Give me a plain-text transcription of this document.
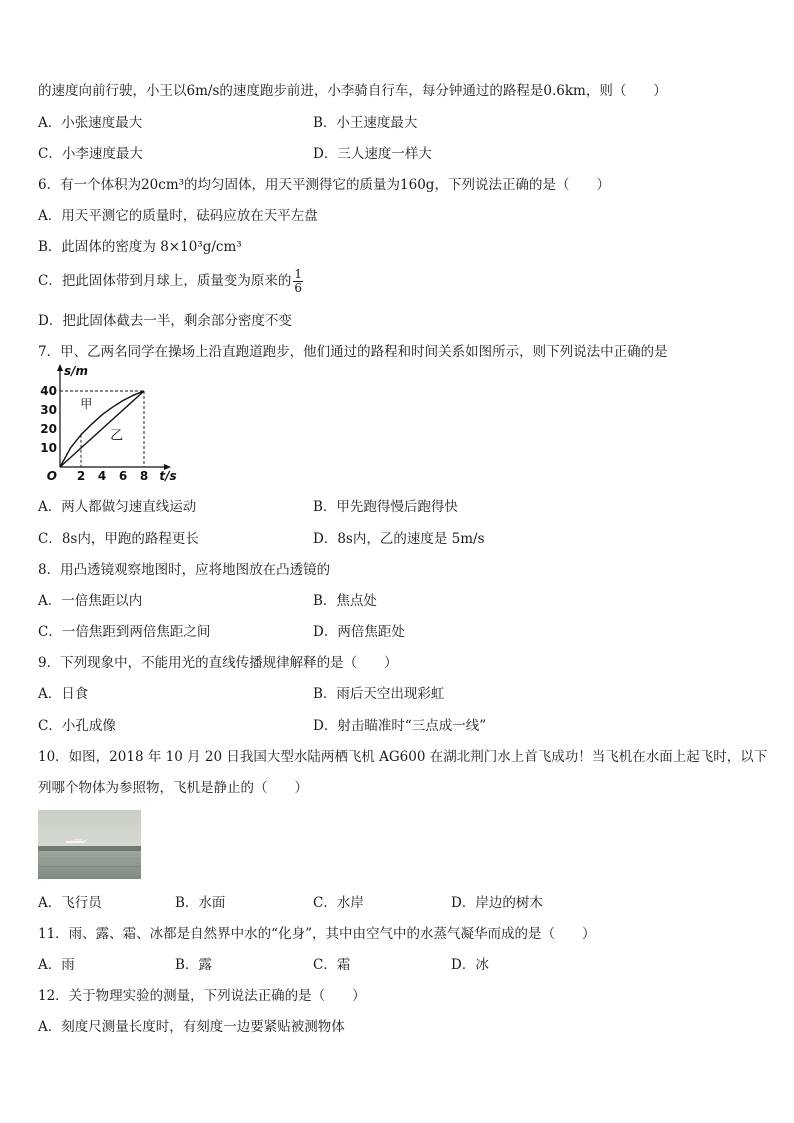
的速度向前行驶，小王以6m/s的速度跑步前进，小李骑自行车，每分钟通过的路程是0.6km，则（　　）
A．小张速度最大	B．小王速度最大
C．小李速度最大	D．三人速度一样大
6．有一个体积为20cm³的均匀固体，用天平测得它的质量为160g，下列说法正确的是（　　）
A．用天平测它的质量时，砝码应放在天平左盘
B．此固体的密度为 8×10³g/cm³
C．把此固体带到月球上，质量变为原来的 $\frac{1}{6}$
D．把此固体截去一半，剩余部分密度不变
7．甲、乙两名同学在操场上沿直跑道跑步，他们通过的路程和时间关系如图所示，则下列说法中正确的是
2 4 6 8
10
20
30
40
O	t/s
s/m
甲
乙
A．两人都做匀速直线运动	B．甲先跑得慢后跑得快
C．8s内，甲跑的路程更长	D．8s内，乙的速度是 5m/s
8．用凸透镜观察地图时，应将地图放在凸透镜的
A．一倍焦距以内	B．焦点处
C．一倍焦距到两倍焦距之间	D．两倍焦距处
9．下列现象中，不能用光的直线传播规律解释的是（　　）
A．日食	B．雨后天空出现彩虹
C．小孔成像	D．射击瞄准时“三点成一线”
10．如图，2018 年 10 月 20 日我国大型水陆两栖飞机 AG600 在湖北荆门水上首飞成功！当飞机在水面上起飞时，以下
列哪个物体为参照物，飞机是静止的（　　）
A．飞行员	B．水面	C．水岸	D．岸边的树木
11．雨、露、霜、冰都是自然界中水的“化身”，其中由空气中的水蒸气凝华而成的是（　　）
A．雨	B．露	C．霜	D．冰
12．关于物理实验的测量，下列说法正确的是（　　）
A．刻度尺测量长度时，有刻度一边要紧贴被测物体
